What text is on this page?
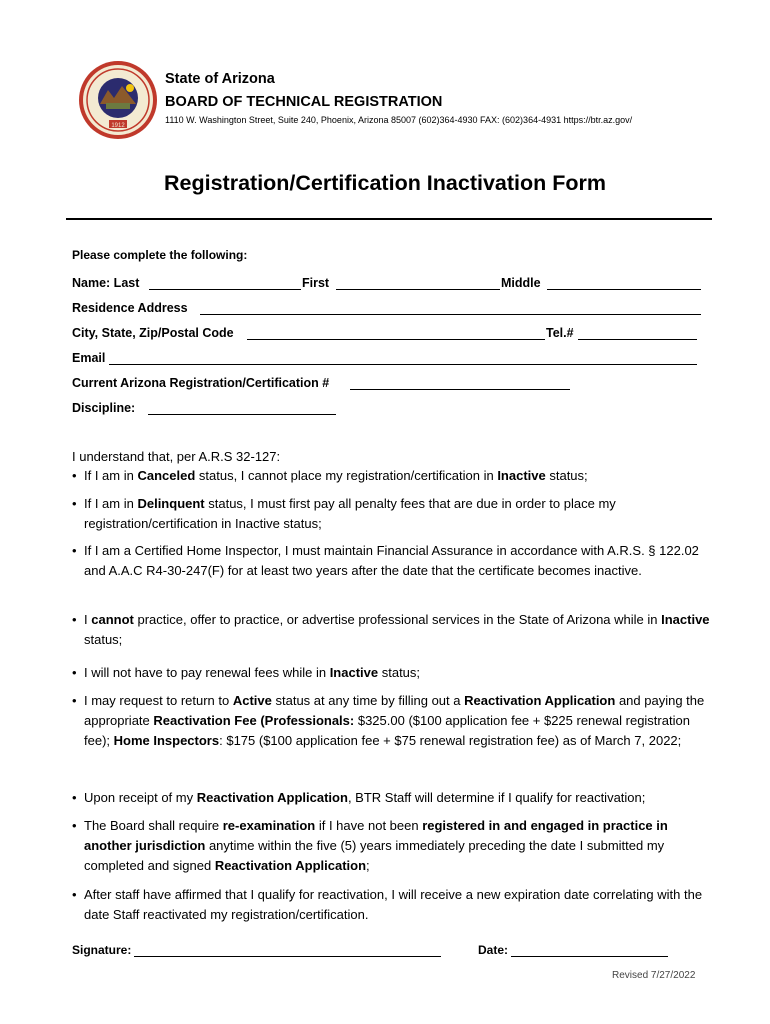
1912
State of Arizona
BOARD OF TECHNICAL REGISTRATION
1110 W. Washington Street, Suite 240, Phoenix, Arizona 85007 (602)364-4930 FAX: (602)364-4931 https://btr.az.gov/
Registration/Certification Inactivation Form
Please complete the following:
Name: Last	First	Middle
Residence Address
City, State, Zip/Postal Code	Tel.#
Email
Current Arizona Registration/Certification #
Discipline:
I understand that, per A.R.S 32-127:
• If I am in Canceled status, I cannot place my registration/certification in Inactive status;
• If I am in Delinquent status, I must first pay all penalty fees that are due in order to place my registration/certification in Inactive status;
• If I am a Certified Home Inspector, I must maintain Financial Assurance in accordance with A.R.S. § 122.02 and A.A.C R4-30-247(F) for at least two years after the date that the certificate becomes inactive.
• I cannot practice, offer to practice, or advertise professional services in the State of Arizona while in Inactive status;
• I will not have to pay renewal fees while in Inactive status;
• I may request to return to Active status at any time by filling out a Reactivation Application and paying the appropriate Reactivation Fee (Professionals: $325.00 ($100 application fee + $225 renewal registration fee); Home Inspectors: $175 ($100 application fee + $75 renewal registration fee) as of March 7, 2022;
• Upon receipt of my Reactivation Application, BTR Staff will determine if I qualify for reactivation;
• The Board shall require re-examination if I have not been registered in and engaged in practice in another jurisdiction anytime within the five (5) years immediately preceding the date I submitted my completed and signed Reactivation Application;
• After staff have affirmed that I qualify for reactivation, I will receive a new expiration date correlating with the date Staff reactivated my registration/certification.
Signature:	Date:
Revised 7/27/2022
